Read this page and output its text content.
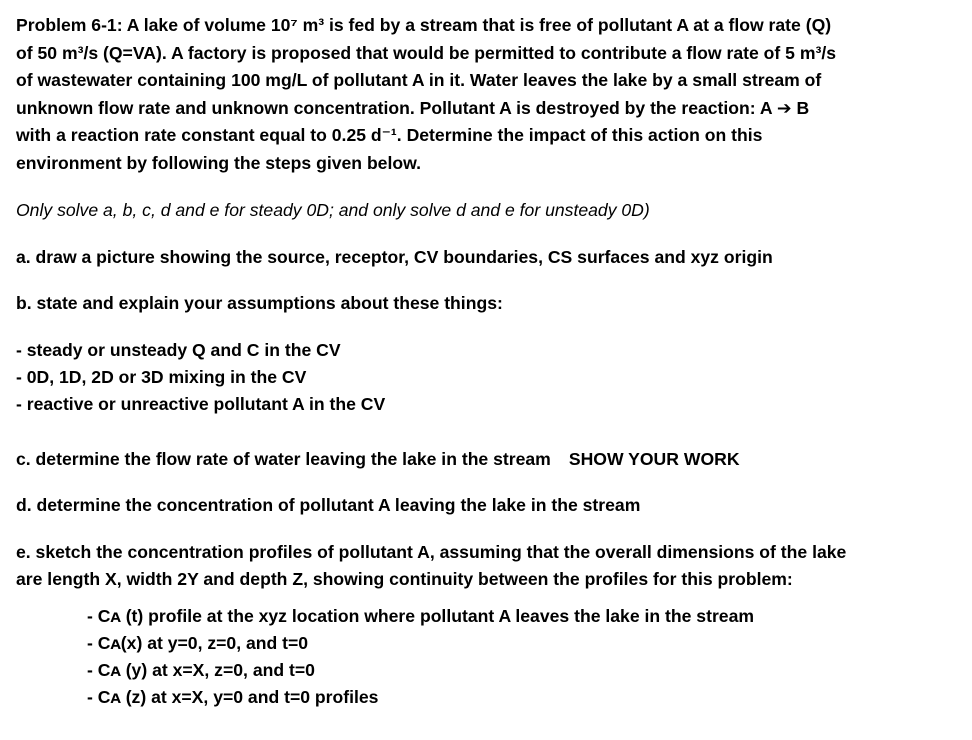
Problem 6-1: A lake of volume 10⁷ m³ is fed by a stream that is free of pollutant A at a flow rate (Q)

of 50 m³/s (Q=VA). A factory is proposed that would be permitted to contribute a flow rate of 5 m³/s

of wastewater containing 100 mg/L of pollutant A in it. Water leaves the lake by a small stream of

unknown flow rate and unknown concentration. Pollutant A is destroyed by the reaction: A ➔ B

with a reaction rate constant equal to 0.25 d⁻¹. Determine the impact of this action on this

environment by following the steps given below.

Only solve a, b, c, d and e for steady 0D; and only solve d and e for unsteady 0D)

a. draw a picture showing the source, receptor, CV boundaries, CS surfaces and xyz origin

b. state and explain your assumptions about these things:

- steady or unsteady Q and C in the CV

- 0D, 1D, 2D or 3D mixing in the CV

- reactive or unreactive pollutant A in the CV

c. determine the flow rate of water leaving the lake in the stream SHOW YOUR WORK

d. determine the concentration of pollutant A leaving the lake in the stream

e. sketch the concentration profiles of pollutant A, assuming that the overall dimensions of the lake

are length X, width 2Y and depth Z, showing continuity between the profiles for this problem:

- Cᴀ (t) profile at the xyz location where pollutant A leaves the lake in the stream

- Cᴀ(x) at y=0, z=0, and t=0

- Cᴀ (y) at x=X, z=0, and t=0

- Cᴀ (z) at x=X, y=0 and t=0 profiles
